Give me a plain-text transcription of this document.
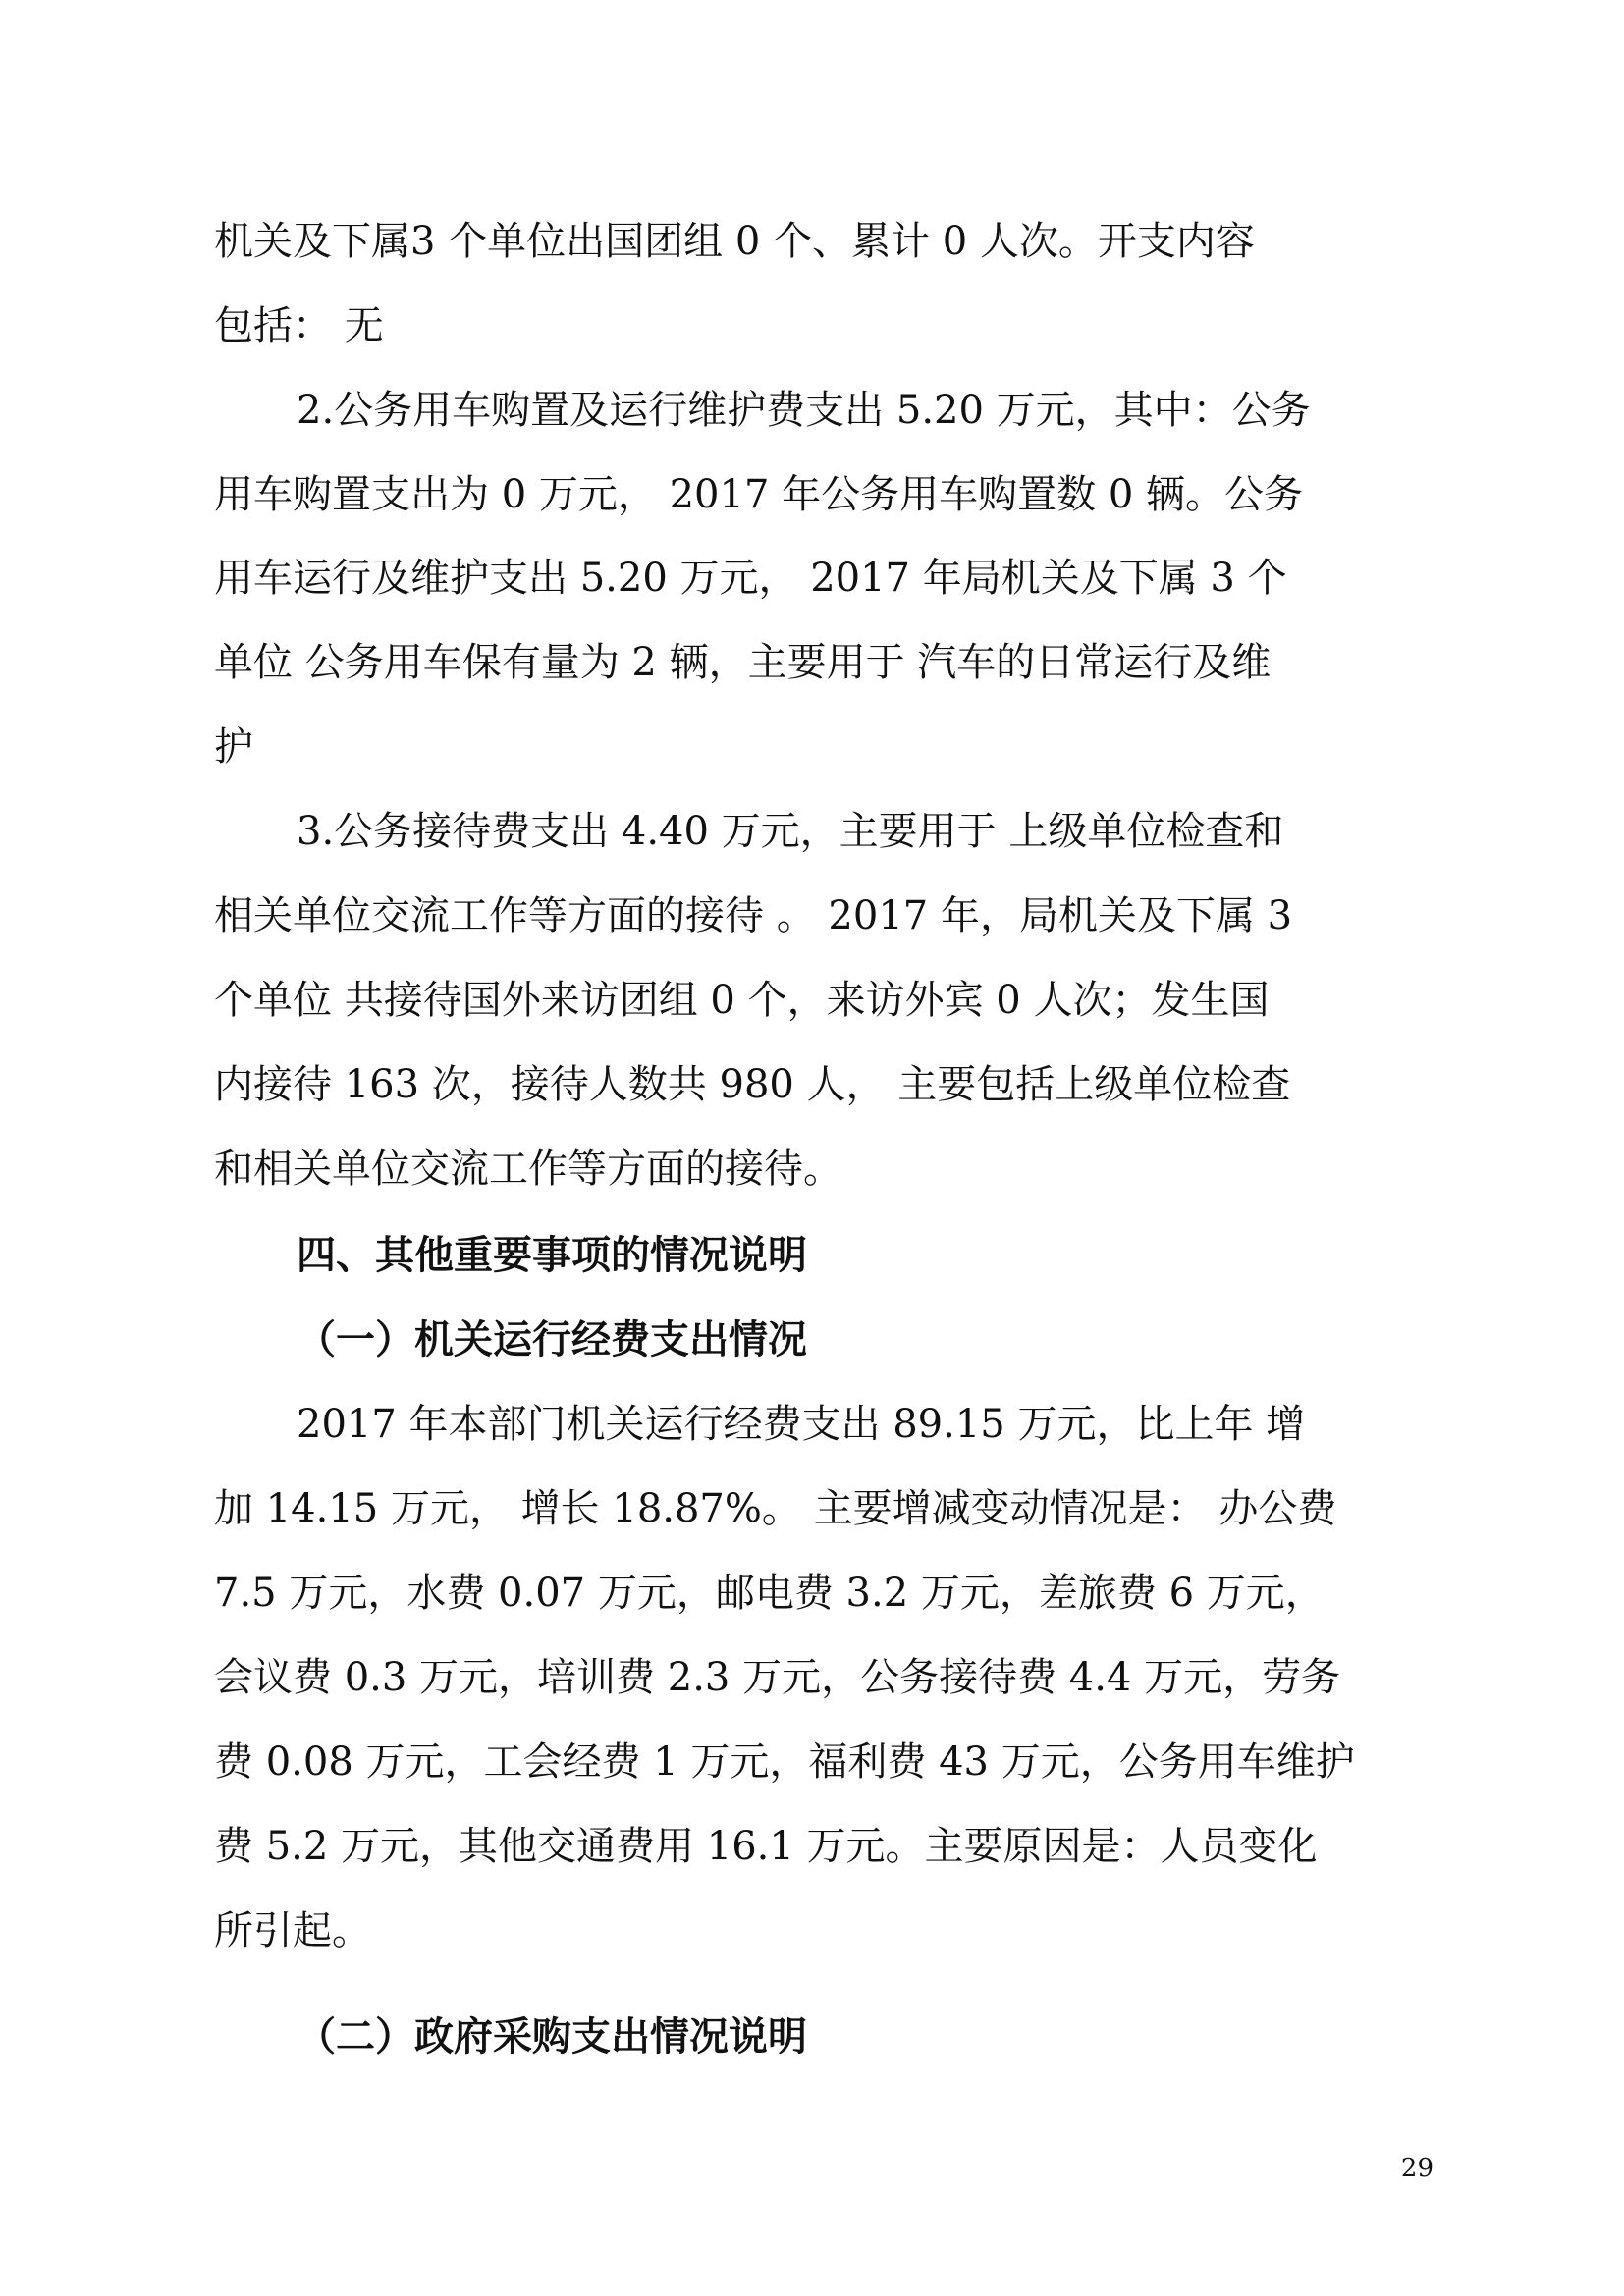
机关及下属3 个单位出国团组 0 个、累计 0 人次。开支内容
包括： 无
2.公务用车购置及运行维护费支出 5.20 万元，其中：公务
用车购置支出为 0 万元， 2017 年公务用车购置数 0 辆。公务
用车运行及维护支出 5.20 万元， 2017 年局机关及下属 3 个
单位 公务用车保有量为 2 辆，主要用于 汽车的日常运行及维
护
3.公务接待费支出 4.40 万元，主要用于 上级单位检查和
相关单位交流工作等方面的接待 。 2017 年，局机关及下属 3
个单位 共接待国外来访团组 0 个，来访外宾 0 人次；发生国
内接待 163 次，接待人数共 980 人， 主要包括上级单位检查
和相关单位交流工作等方面的接待。
四、其他重要事项的情况说明
（一）机关运行经费支出情况
2017 年本部门机关运行经费支出 89.15 万元，比上年 增
加 14.15 万元， 增长 18.87%。 主要增减变动情况是： 办公费
7.5 万元，水费 0.07 万元，邮电费 3.2 万元，差旅费 6 万元，
会议费 0.3 万元，培训费 2.3 万元，公务接待费 4.4 万元，劳务
费 0.08 万元，工会经费 1 万元，福利费 43 万元，公务用车维护
费 5.2 万元，其他交通费用 16.1 万元。主要原因是：人员变化
所引起。
（二）政府采购支出情况说明
29
